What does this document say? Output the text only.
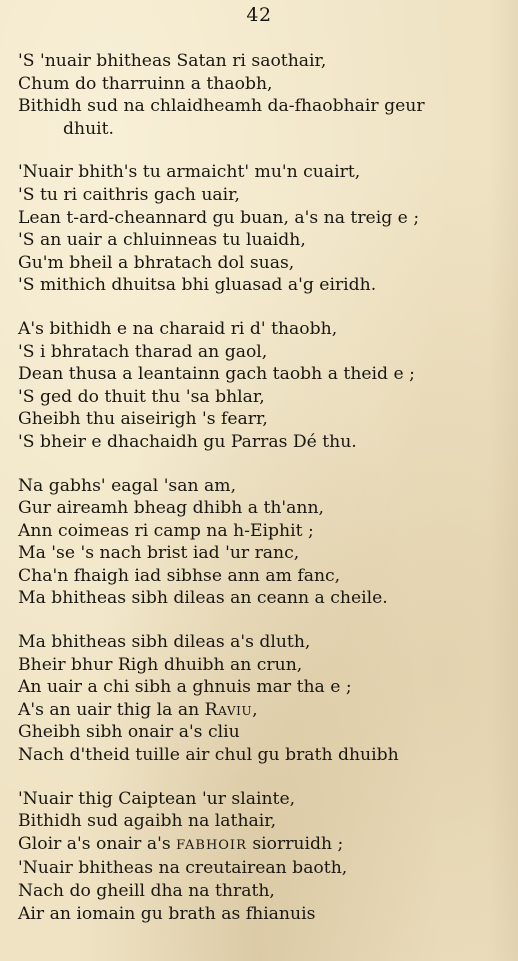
42
'S 'nuair bhitheas Satan ri saothair,
Chum do tharruinn a thaobh,
Bithidh sud na chlaidheamh da-fhaobhair geur
dhuit.
'Nuair bhith's tu armaicht' mu'n cuairt,
'S tu ri caithris gach uair,
Lean t-ard-cheannard gu buan, a's na treig e ;
'S an uair a chluinneas tu luaidh,
Gu'm bheil a bhratach dol suas,
'S mithich dhuitsa bhi gluasad a'g eiridh.
A's bithidh e na charaid ri d' thaobh,
'S i bhratach tharad an gaol,
Dean thusa a leantainn gach taobh a theid e ;
'S ged do thuit thu 'sa bhlar,
Gheibh thu aiseirigh 's fearr,
'S bheir e dhachaidh gu Parras Dé thu.
Na gabhs' eagal 'san am,
Gur aireamh bheag dhibh a th'ann,
Ann coimeas ri camp na h-Eiphit ;
Ma 'se 's nach brist iad 'ur ranc,
Cha'n fhaigh iad sibhse ann am fanc,
Ma bhitheas sibh dileas an ceann a cheile.
Ma bhitheas sibh dileas a's dluth,
Bheir bhur Righ dhuibh an crun,
An uair a chi sibh a ghnuis mar tha e ;
A's an uair thig la an Raviu,
Gheibh sibh onair a's cliu
Nach d'theid tuille air chul gu brath dhuibh
'Nuair thig Caiptean 'ur slainte,
Bithidh sud agaibh na lathair,
Gloir a's onair a's FABHOIR siorruidh ;
'Nuair bhitheas na creutairean baoth,
Nach do gheill dha na thrath,
Air an iomain gu brath as fhianuis
